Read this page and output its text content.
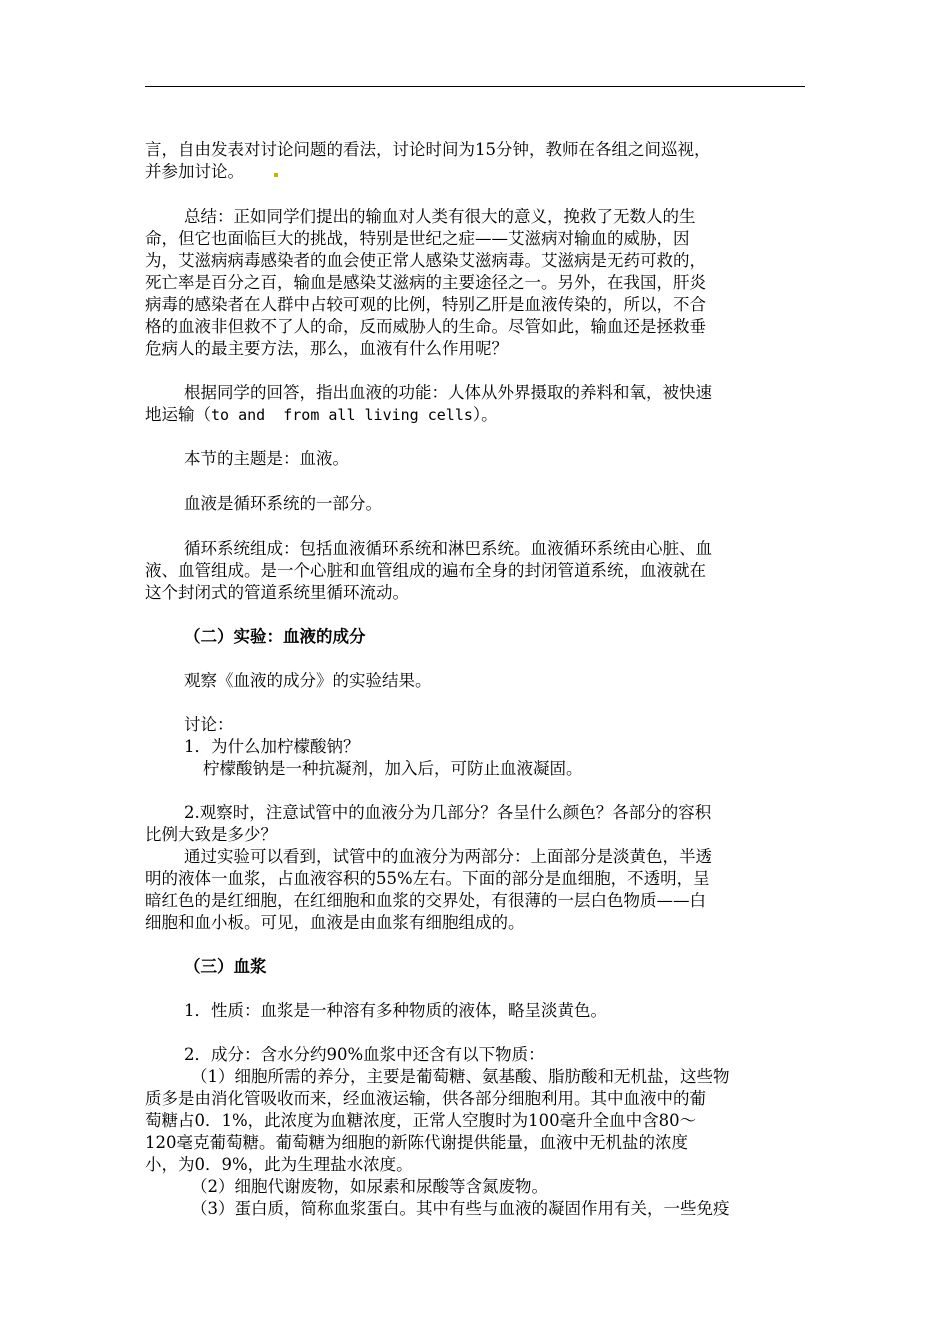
言，自由发表对讨论问题的看法，讨论时间为15分钟，教师在各组之间巡视，
并参加讨论。
总结：正如同学们提出的输血对人类有很大的意义，挽救了无数人的生
命，但它也面临巨大的挑战，特别是世纪之症——艾滋病对输血的威胁，因
为，艾滋病病毒感染者的血会使正常人感染艾滋病毒。艾滋病是无药可救的，
死亡率是百分之百，输血是感染艾滋病的主要途径之一。另外，在我国，肝炎
病毒的感染者在人群中占较可观的比例，特别乙肝是血液传染的，所以，不合
格的血液非但救不了人的命，反而威胁人的生命。尽管如此，输血还是拯救垂
危病人的最主要方法，那么，血液有什么作用呢？
根据同学的回答，指出血液的功能：人体从外界摄取的养料和氧，被快速
地运输（to and  from all living cells）。
本节的主题是：血液。
血液是循环系统的一部分。
循环系统组成：包括血液循环系统和淋巴系统。血液循环系统由心脏、血
液、血管组成。是一个心脏和血管组成的遍布全身的封闭管道系统，血液就在
这个封闭式的管道系统里循环流动。
（二）实验：血液的成分
观察《血液的成分》的实验结果。
讨论：
1．为什么加柠檬酸钠？
柠檬酸钠是一种抗凝剂，加入后，可防止血液凝固。
2.观察时，注意试管中的血液分为几部分？各呈什么颜色？各部分的容积
比例大致是多少？
通过实验可以看到，试管中的血液分为两部分：上面部分是淡黄色，半透
明的液体一血浆，占血液容积的55%左右。下面的部分是血细胞，不透明，呈
暗红色的是红细胞，在红细胞和血浆的交界处，有很薄的一层白色物质——白
细胞和血小板。可见，血液是由血浆有细胞组成的。
（三）血浆
1．性质：血浆是一种溶有多种物质的液体，略呈淡黄色。
2．成分：含水分约90%血浆中还含有以下物质：
（1）细胞所需的养分，主要是葡萄糖、氨基酸、脂肪酸和无机盐，这些物
质多是由消化管吸收而来，经血液运输，供各部分细胞利用。其中血液中的葡
萄糖占0．1%，此浓度为血糖浓度，正常人空腹时为100毫升全血中含80～
120毫克葡萄糖。葡萄糖为细胞的新陈代谢提供能量，血液中无机盐的浓度
小，为0．9%，此为生理盐水浓度。
（2）细胞代谢废物，如尿素和尿酸等含氮废物。
（3）蛋白质，简称血浆蛋白。其中有些与血液的凝固作用有关，一些免疫
